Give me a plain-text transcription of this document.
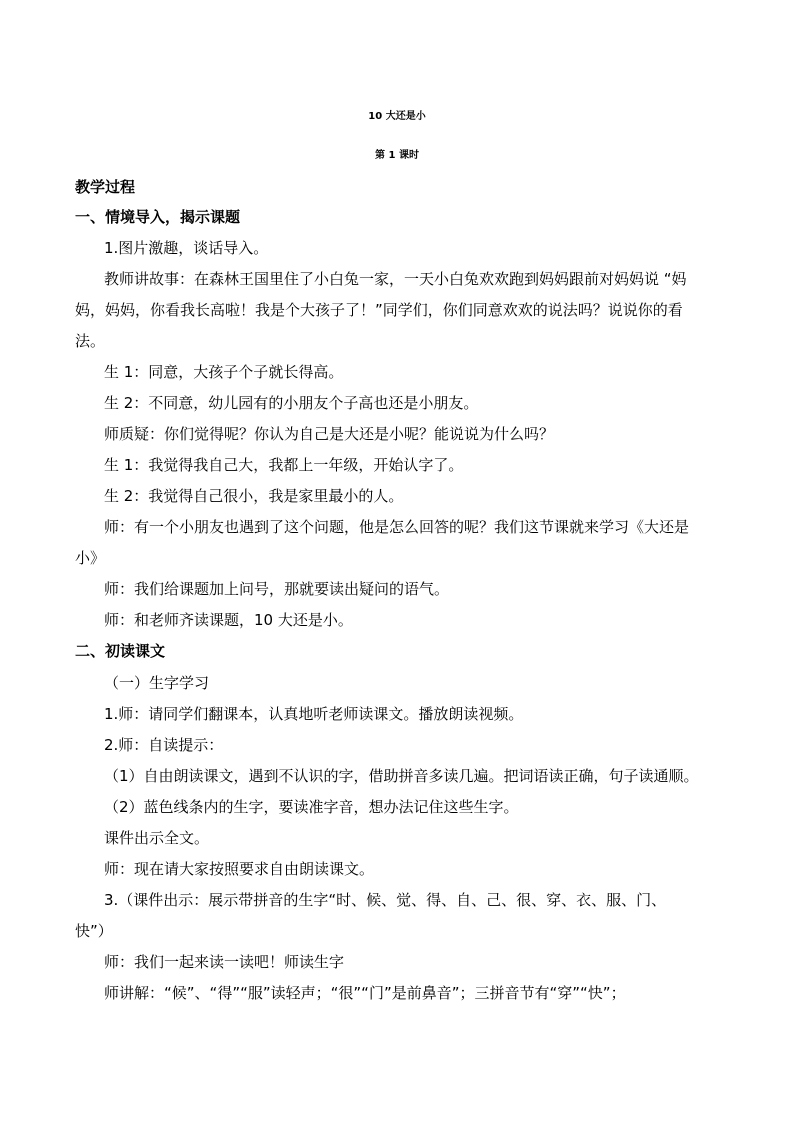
10 大还是小
第 1 课时
教学过程
一、情境导入，揭示课题
1.图片激趣，谈话导入。
教师讲故事：在森林王国里住了小白兔一家，一天小白兔欢欢跑到妈妈跟前对妈妈说 “妈
妈，妈妈，你看我长高啦！我是个大孩子了！”同学们，你们同意欢欢的说法吗？说说你的看
法。
生 1：同意，大孩子个子就长得高。
生 2：不同意，幼儿园有的小朋友个子高也还是小朋友。
师质疑：你们觉得呢？你认为自己是大还是小呢？能说说为什么吗？
生 1：我觉得我自己大，我都上一年级，开始认字了。
生 2：我觉得自己很小，我是家里最小的人。
师：有一个小朋友也遇到了这个问题，他是怎么回答的呢？我们这节课就来学习《大还是
小》
师：我们给课题加上问号，那就要读出疑问的语气。
师：和老师齐读课题，10 大还是小。
二、初读课文
（一）生字学习
1.师：请同学们翻课本，认真地听老师读课文。播放朗读视频。
2.师：自读提示：
（1）自由朗读课文，遇到不认识的字，借助拼音多读几遍。把词语读正确，句子读通顺。
（2）蓝色线条内的生字，要读准字音，想办法记住这些生字。
课件出示全文。
师：现在请大家按照要求自由朗读课文。
3.（课件出示：展示带拼音的生字“时、候、觉、得、自、己、很、穿、衣、服、门、
快”）
师：我们一起来读一读吧！师读生字
师讲解：“候”、“得”“服”读轻声；“很”“门”是前鼻音”；三拼音节有“穿”“快”；
